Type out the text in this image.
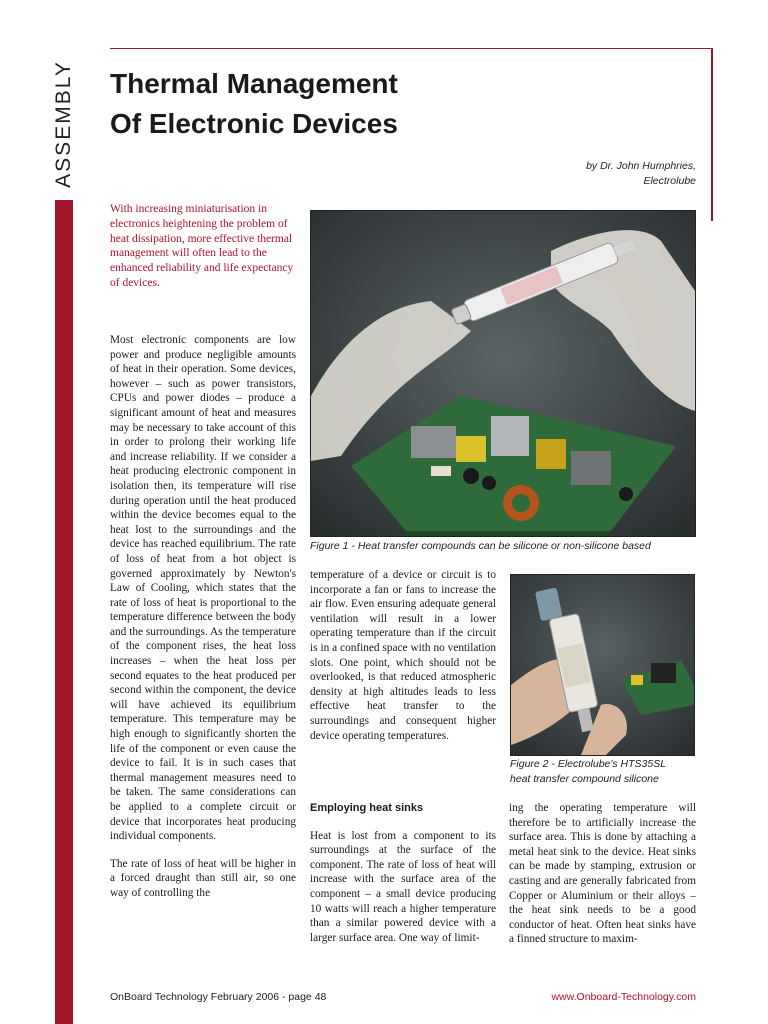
ASSEMBLY Thermal Management
Of Electronic Devices
by Dr. John Humphries,
Electrolube

With increasing miniaturisation in electronics heightening the problem of heat dissipation, more effective thermal management will often lead to the enhanced reliability and life expectancy of devices.

Most electronic components are low power and produce negligible amounts of heat in their operation. Some devices, however – such as power transistors, CPUs and power diodes – produce a significant amount of heat and measures may be necessary to take account of this in order to prolong their working life and increase reliability. If we consider a heat producing electronic component in isolation then, its temperature will rise during operation until the heat produced within the device becomes equal to the heat lost to the surroundings and the device has reached equilibrium. The rate of loss of heat from a hot object is governed approximately by Newton's Law of Cooling, which states that the rate of loss of heat is proportional to the temperature difference between the body and the surroundings. As the temperature of the component rises, the heat loss increases – when the heat loss per second equates to the heat produced per second within the component, the device will have achieved its equilibrium temperature. This temperature may be high enough to significantly shorten the life of the component or even cause the device to fail. It is in such cases that thermal management measures need to be taken. The same considerations can be applied to a complete circuit or device that incorporates heat producing individual components.

The rate of loss of heat will be higher in a forced draught than still air, so one way of controlling the

Figure 1 - Heat transfer compounds can be silicone or non-silicone based

temperature of a device or circuit is to incorporate a fan or fans to increase the air flow. Even ensuring adequate general ventilation will result in a lower operating temperature than if the circuit is in a confined space with no ventilation slots. One point, which should not be overlooked, is that reduced atmospheric density at high altitudes leads to less effective heat transfer to the surroundings and consequent higher device operating temperatures.

Figure 2 - Electrolube's HTS35SL
heat transfer compound silicone

Employing heat sinks

Heat is lost from a component to its surroundings at the surface of the component. The rate of loss of heat will increase with the surface area of the component – a small device producing 10 watts will reach a higher temperature than a similar powered device with a larger surface area. One way of limit-

ing the operating temperature will therefore be to artificially increase the surface area. This is done by attaching a metal heat sink to the device. Heat sinks can be made by stamping, extrusion or casting and are generally fabricated from Copper or Aluminium or their alloys – the heat sink needs to be a good conductor of heat. Often heat sinks have a finned structure to maxim-

OnBoard Technology February 2006 - page 48	www.Onboard-Technology.com
